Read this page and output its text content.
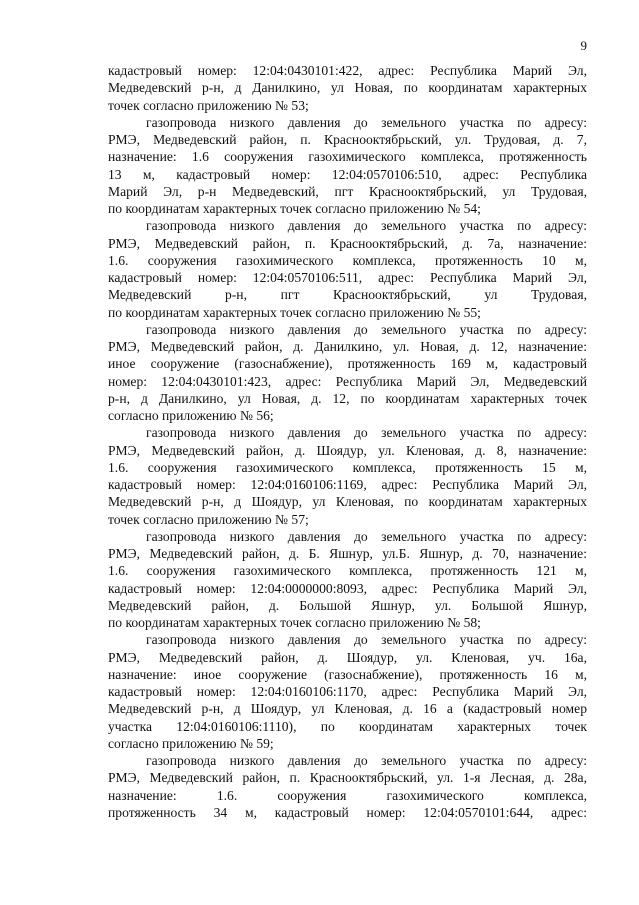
9
кадастровый номер: 12:04:0430101:422, адрес: Республика Марий Эл,
Медведевский р-н, д Данилкино, ул Новая, по координатам характерных
точек согласно приложению № 53;
газопровода низкого давления до земельного участка по адресу:
РМЭ, Медведевский район, п. Краснооктябрьский, ул. Трудовая, д. 7,
назначение: 1.6 сооружения газохимического комплекса, протяженность
13 м, кадастровый номер: 12:04:0570106:510, адрес: Республика
Марий Эл, р-н Медведевский, пгт Краснооктябрьский, ул Трудовая,
по координатам характерных точек согласно приложению № 54;
газопровода низкого давления до земельного участка по адресу:
РМЭ, Медведевский район, п. Краснооктябрьский, д. 7а, назначение:
1.6. сооружения газохимического комплекса, протяженность 10 м,
кадастровый номер: 12:04:0570106:511, адрес: Республика Марий Эл,
Медведевский р-н, пгт Краснооктябрьский, ул Трудовая,
по координатам характерных точек согласно приложению № 55;
газопровода низкого давления до земельного участка по адресу:
РМЭ, Медведевский район, д. Данилкино, ул. Новая, д. 12, назначение:
иное сооружение (газоснабжение), протяженность 169 м, кадастровый
номер: 12:04:0430101:423, адрес: Республика Марий Эл, Медведевский
р-н, д Данилкино, ул Новая, д. 12, по координатам характерных точек
согласно приложению № 56;
газопровода низкого давления до земельного участка по адресу:
РМЭ, Медведевский район, д. Шоядур, ул. Кленовая, д. 8, назначение:
1.6. сооружения газохимического комплекса, протяженность 15 м,
кадастровый номер: 12:04:0160106:1169, адрес: Республика Марий Эл,
Медведевский р-н, д Шоядур, ул Кленовая, по координатам характерных
точек согласно приложению № 57;
газопровода низкого давления до земельного участка по адресу:
РМЭ, Медведевский район, д. Б. Яшнур, ул.Б. Яшнур, д. 70, назначение:
1.6. сооружения газохимического комплекса, протяженность 121 м,
кадастровый номер: 12:04:0000000:8093, адрес: Республика Марий Эл,
Медведевский район, д. Большой Яшнур, ул. Большой Яшнур,
по координатам характерных точек согласно приложению № 58;
газопровода низкого давления до земельного участка по адресу:
РМЭ, Медведевский район, д. Шоядур, ул. Кленовая, уч. 16а,
назначение: иное сооружение (газоснабжение), протяженность 16 м,
кадастровый номер: 12:04:0160106:1170, адрес: Республика Марий Эл,
Медведевский р-н, д Шоядур, ул Кленовая, д. 16 а (кадастровый номер
участка 12:04:0160106:1110), по координатам характерных точек
согласно приложению № 59;
газопровода низкого давления до земельного участка по адресу:
РМЭ, Медведевский район, п. Краснооктябрьский, ул. 1-я Лесная, д. 28а,
назначение: 1.6. сооружения газохимического комплекса,
протяженность 34 м, кадастровый номер: 12:04:0570101:644, адрес:
